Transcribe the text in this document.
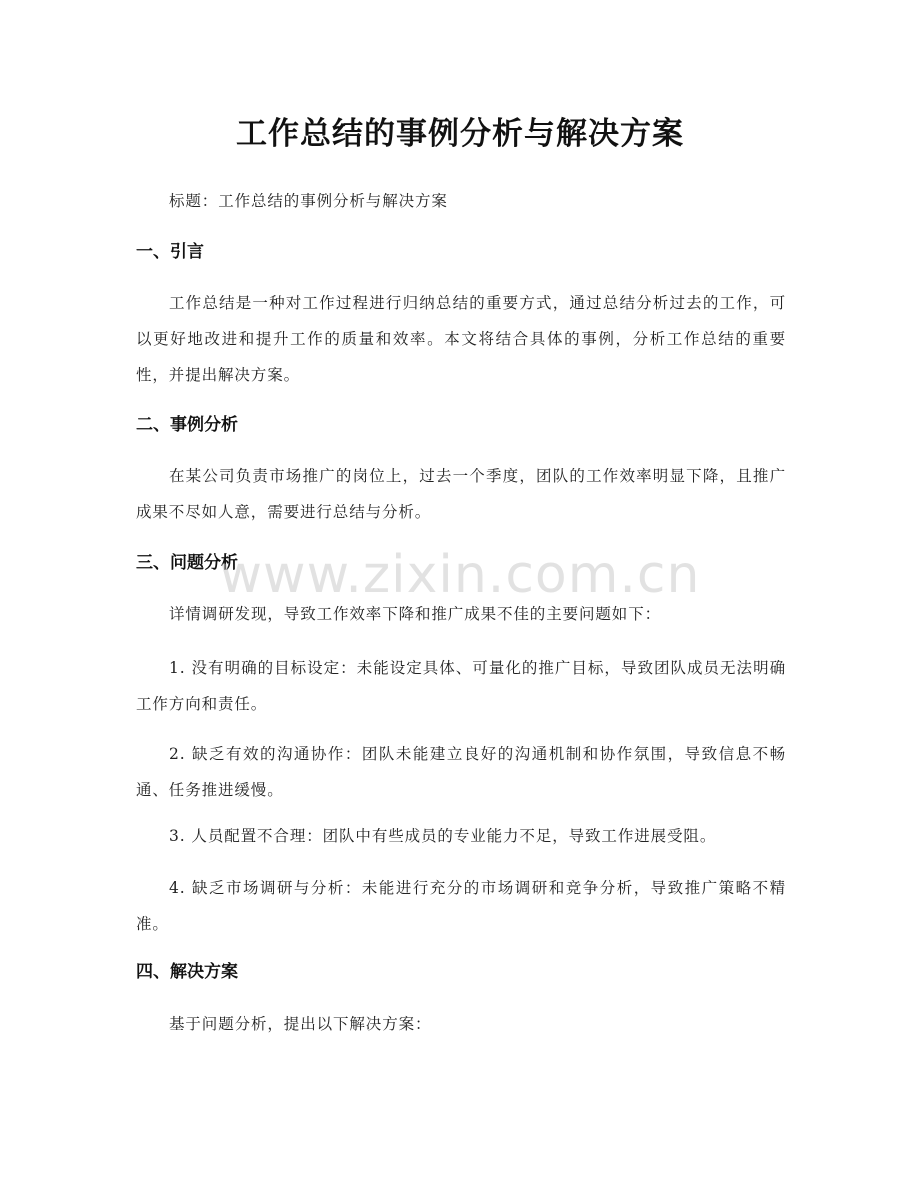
工作总结的事例分析与解决方案

标题：工作总结的事例分析与解决方案

一、引言

工作总结是一种对工作过程进行归纳总结的重要方式，通过总结分析过去的工作，可以更好地改进和提升工作的质量和效率。本文将结合具体的事例，分析工作总结的重要性，并提出解决方案。

二、事例分析

在某公司负责市场推广的岗位上，过去一个季度，团队的工作效率明显下降，且推广成果不尽如人意，需要进行总结与分析。

三、问题分析

详情调研发现，导致工作效率下降和推广成果不佳的主要问题如下：

1. 没有明确的目标设定：未能设定具体、可量化的推广目标，导致团队成员无法明确工作方向和责任。

2. 缺乏有效的沟通协作：团队未能建立良好的沟通机制和协作氛围，导致信息不畅通、任务推进缓慢。

3. 人员配置不合理：团队中有些成员的专业能力不足，导致工作进展受阻。

4. 缺乏市场调研与分析：未能进行充分的市场调研和竞争分析，导致推广策略不精准。

四、解决方案

基于问题分析，提出以下解决方案：

www.zixin.com.cn
